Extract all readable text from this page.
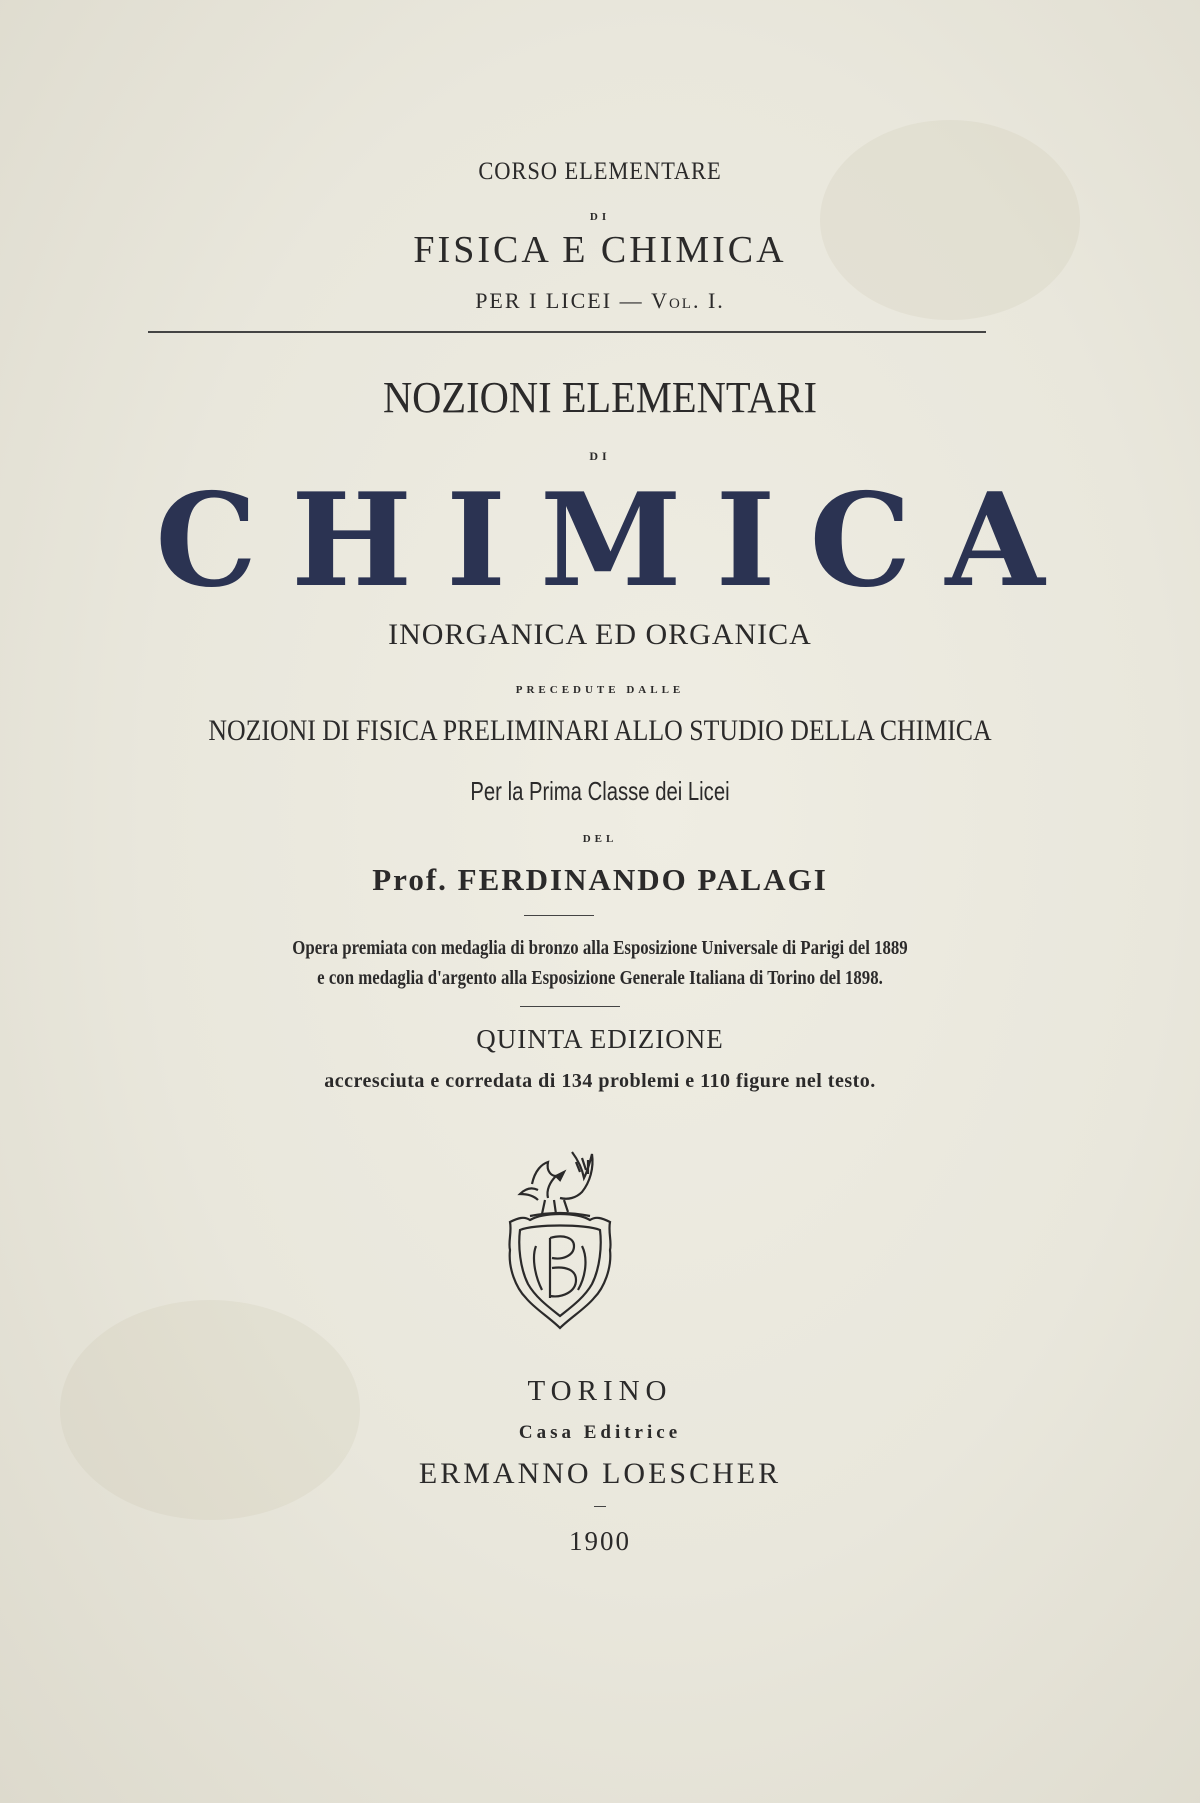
CORSO ELEMENTARE
DI
FISICA E CHIMICA
PER I LICEI — Vol. I.
NOZIONI ELEMENTARI
DI
CHIMICA
INORGANICA ED ORGANICA
PRECEDUTE DALLE
NOZIONI DI FISICA PRELIMINARI ALLO STUDIO DELLA CHIMICA
Per la Prima Classe dei Licei
DEL
Prof. FERDINANDO PALAGI
Opera premiata con medaglia di bronzo alla Esposizione Universale di Parigi del 1889
e con medaglia d'argento alla Esposizione Generale Italiana di Torino del 1898.
QUINTA EDIZIONE
accresciuta e corredata di 134 problemi e 110 figure nel testo.
TORINO
Casa Editrice
ERMANNO LOESCHER
1900
